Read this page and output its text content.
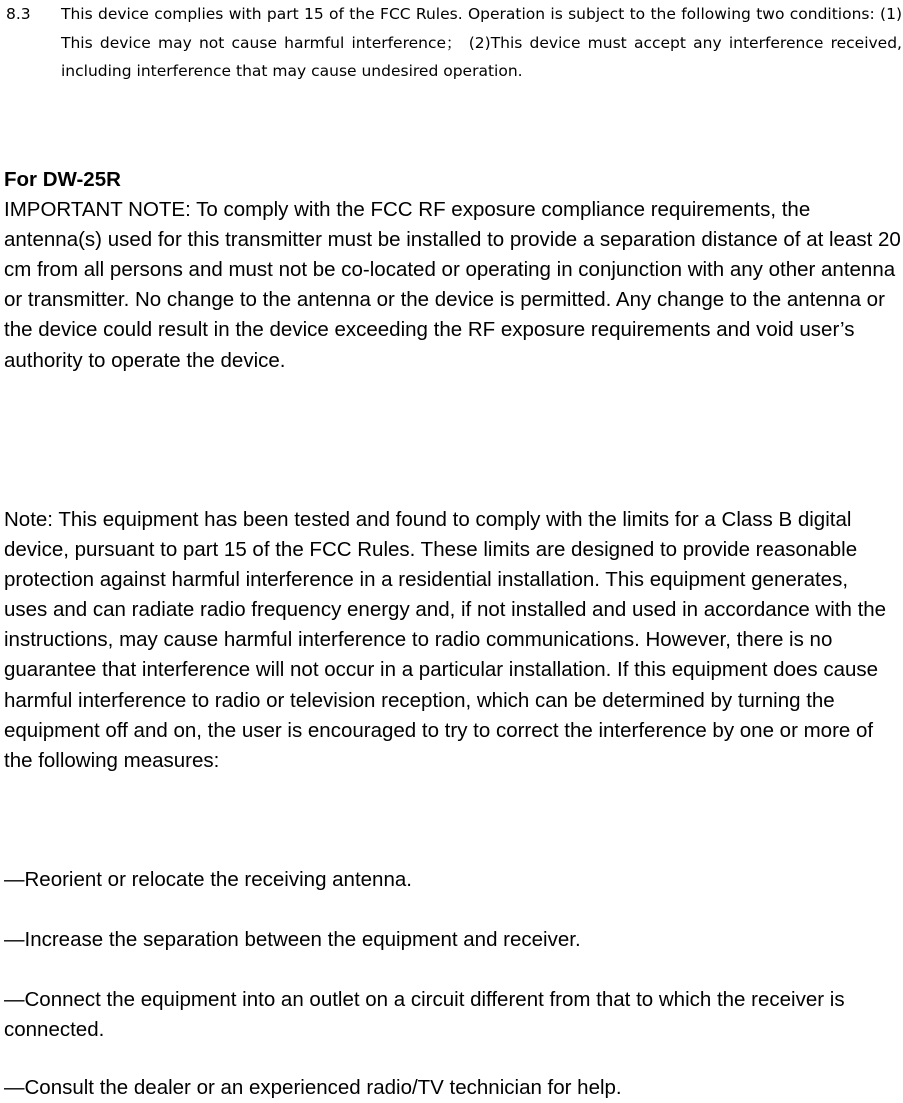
8.3 This device complies with part 15 of the FCC Rules. Operation is subject to the following two conditions: (1) This device may not cause harmful interference； (2)This device must accept any interference received, including interference that may cause undesired operation.

For DW-25R

IMPORTANT NOTE: To comply with the FCC RF exposure compliance requirements, the antenna(s) used for this transmitter must be installed to provide a separation distance of at least 20 cm from all persons and must not be co-located or operating in conjunction with any other antenna or transmitter. No change to the antenna or the device is permitted. Any change to the antenna or the device could result in the device exceeding the RF exposure requirements and void user’s authority to operate the device.

Note: This equipment has been tested and found to comply with the limits for a Class B digital device, pursuant to part 15 of the FCC Rules. These limits are designed to provide reasonable protection against harmful interference in a residential installation. This equipment generates, uses and can radiate radio frequency energy and, if not installed and used in accordance with the instructions, may cause harmful interference to radio communications. However, there is no guarantee that interference will not occur in a particular installation. If this equipment does cause harmful interference to radio or television reception, which can be determined by turning the equipment off and on, the user is encouraged to try to correct the interference by one or more of the following measures:

—Reorient or relocate the receiving antenna.

—Increase the separation between the equipment and receiver.

—Connect the equipment into an outlet on a circuit different from that to which the receiver is connected.

—Consult the dealer or an experienced radio/TV technician for help.
